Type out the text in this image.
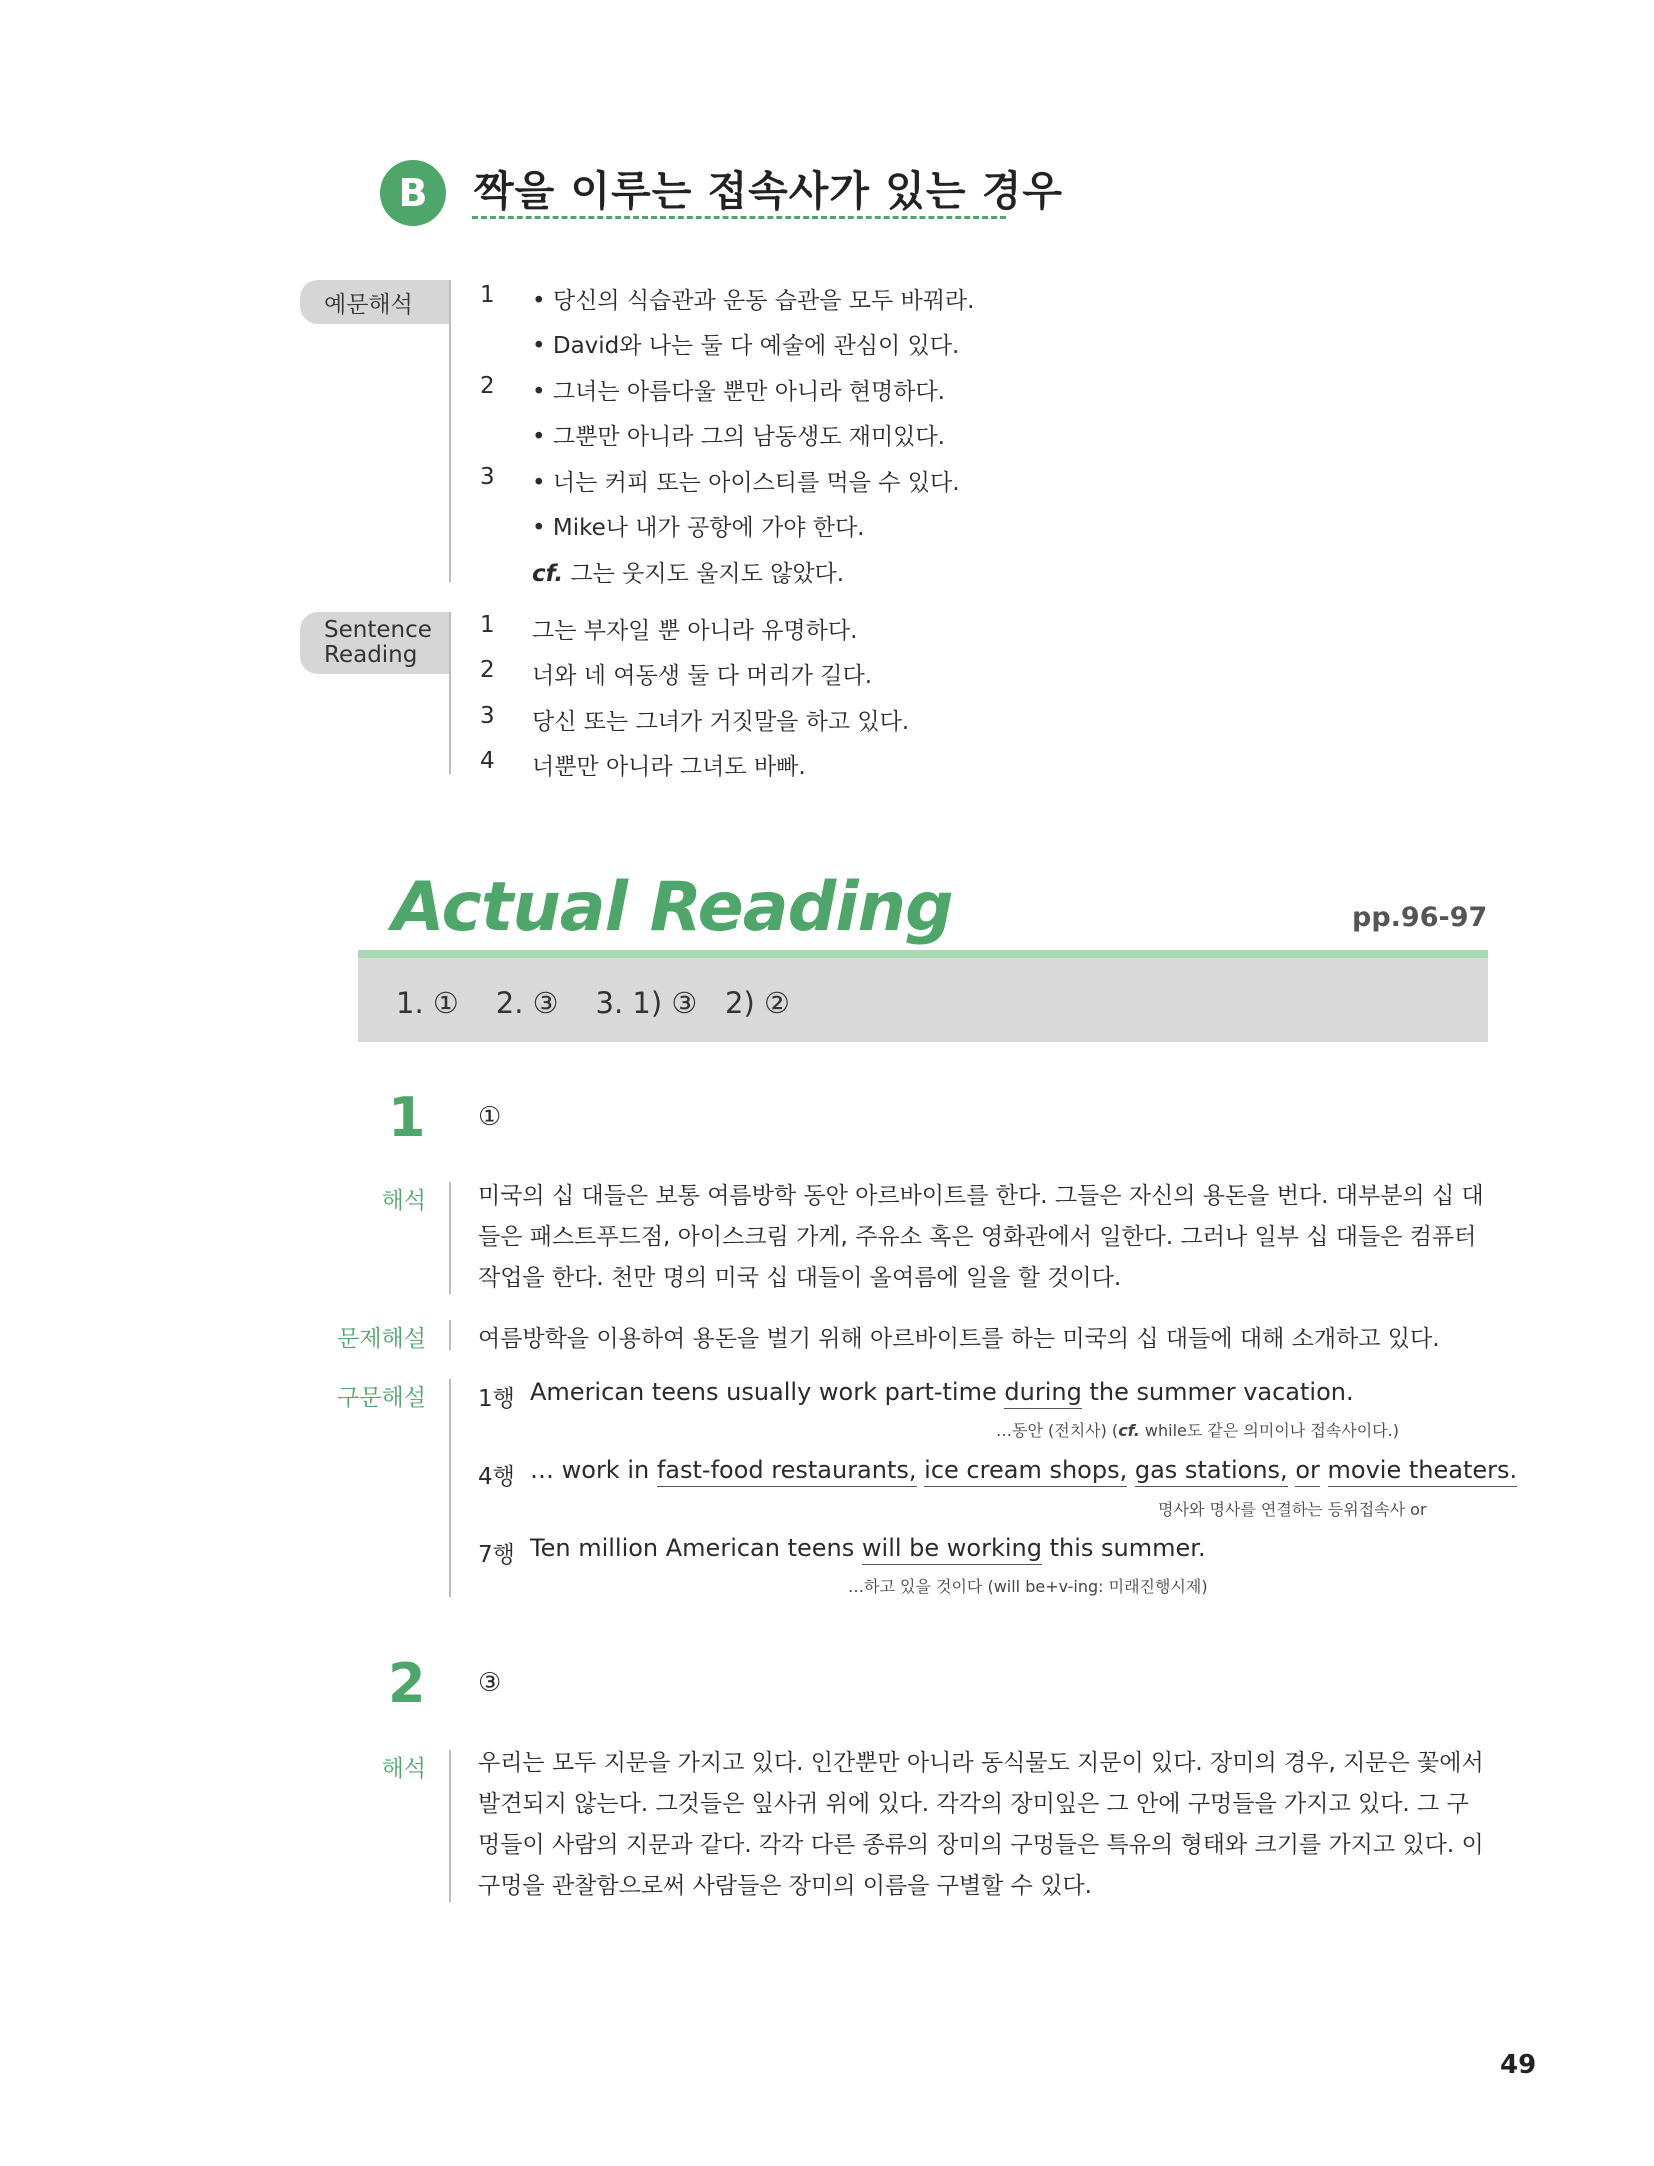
B	짝을 이루는 접속사가 있는 경우
예문해석	1 • 당신의 식습관과 운동 습관을 모두 바꿔라.
• David와 나는 둘 다 예술에 관심이 있다.
2 • 그녀는 아름다울 뿐만 아니라 현명하다.
• 그뿐만 아니라 그의 남동생도 재미있다.
3 • 너는 커피 또는 아이스티를 먹을 수 있다.
• Mike나 내가 공항에 가야 한다.
cf. 그는 웃지도 울지도 않았다.
Sentence
Reading
1 그는 부자일 뿐 아니라 유명하다.
2 너와 네 여동생 둘 다 머리가 길다.
3 당신 또는 그녀가 거짓말을 하고 있다.
4 너뿐만 아니라 그녀도 바빠.
Actual Reading	pp.96-97
1. ①    2. ③    3. 1) ③   2) ②
1 ①
해석 미국의 십 대들은 보통 여름방학 동안 아르바이트를 한다. 그들은 자신의 용돈을 번다. 대부분의 십 대들은 패스트푸드점, 아이스크림 가게, 주유소 혹은 영화관에서 일한다. 그러나 일부 십 대들은 컴퓨터 작업을 한다. 천만 명의 미국 십 대들이 올여름에 일을 할 것이다.
문제해설 여름방학을 이용하여 용돈을 벌기 위해 아르바이트를 하는 미국의 십 대들에 대해 소개하고 있다.
구문해설 1행 American teens usually work part-time during the summer vacation.
…동안 (전치사) (cf. while도 같은 의미이나 접속사이다.)
4행 … work in fast-food restaurants, ice cream shops, gas stations, or movie theaters.
명사와 명사를 연결하는 등위접속사 or
7행 Ten million American teens will be working this summer.
…하고 있을 것이다 (will be+v-ing: 미래진행시제)
2 ③
해석 우리는 모두 지문을 가지고 있다. 인간뿐만 아니라 동식물도 지문이 있다. 장미의 경우, 지문은 꽃에서 발견되지 않는다. 그것들은 잎사귀 위에 있다. 각각의 장미잎은 그 안에 구멍들을 가지고 있다. 그 구멍들이 사람의 지문과 같다. 각각 다른 종류의 장미의 구멍들은 특유의 형태와 크기를 가지고 있다. 이 구멍을 관찰함으로써 사람들은 장미의 이름을 구별할 수 있다.
49
